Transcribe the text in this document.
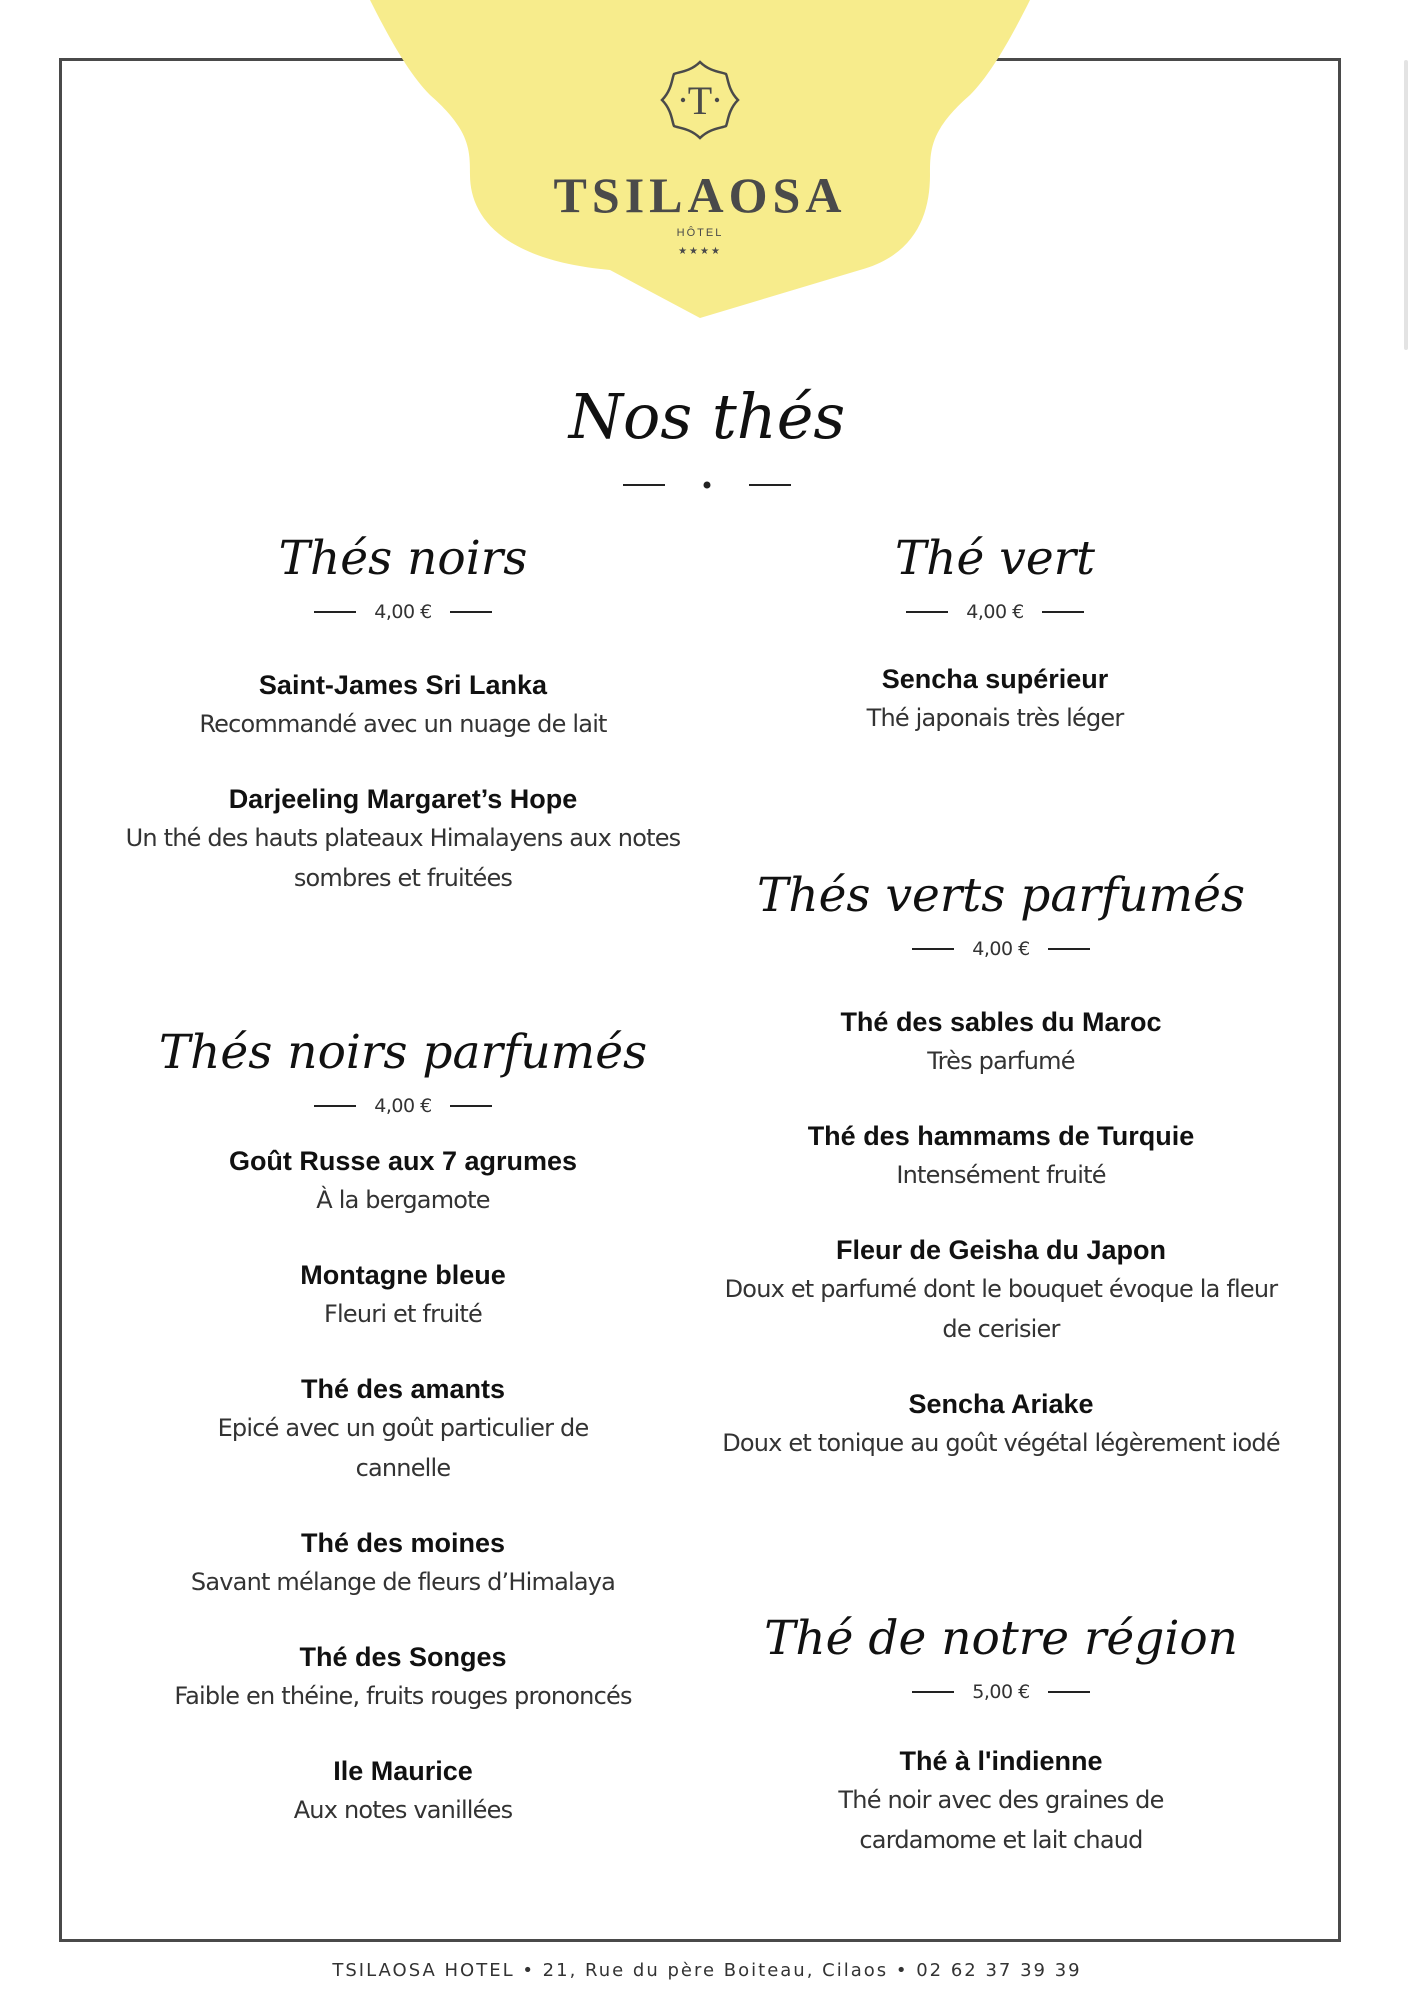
T
TSILAOSA
HÔTEL
★★★★
Nos thés
Thés noirs
4,00 €
Saint-James Sri Lanka
Recommandé avec un nuage de lait
Darjeeling Margaret’s Hope
Un thé des hauts plateaux Himalayens aux notes sombres et fruitées
Thés noirs parfumés
4,00 €
Goût Russe aux 7 agrumes
À la bergamote
Montagne bleue
Fleuri et fruité
Thé des amants
Epicé avec un goût particulier de cannelle
Thé des moines
Savant mélange de fleurs d’Himalaya
Thé des Songes
Faible en théine, fruits rouges prononcés
Ile Maurice
Aux notes vanillées
Thé vert
4,00 €
Sencha supérieur
Thé japonais très léger
Thés verts parfumés
4,00 €
Thé des sables du Maroc
Très parfumé
Thé des hammams de Turquie
Intensément fruité
Fleur de Geisha du Japon
Doux et parfumé dont le bouquet évoque la fleur de cerisier
Sencha Ariake
Doux et tonique au goût végétal légèrement iodé
Thé de notre région
5,00 €
Thé à l'indienne
Thé noir avec des graines de cardamome et lait chaud
TSILAOSA HOTEL • 21, Rue du père Boiteau, Cilaos • 02 62 37 39 39
